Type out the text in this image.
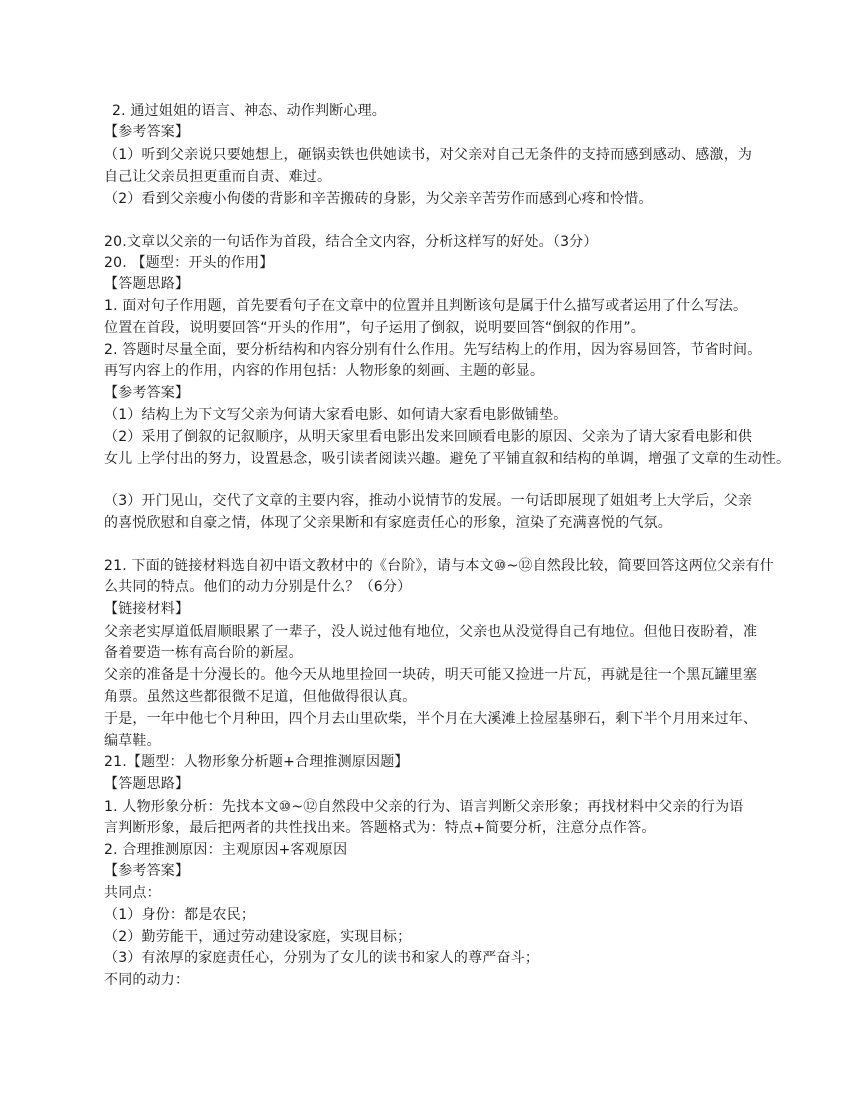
2. 通过姐姐的语言、神态、动作判断心理。
【参考答案】
（1）听到父亲说只要她想上，砸锅卖铁也供她读书，对父亲对自己无条件的支持而感到感动、感激，为
自己让父亲员担更重而自责、难过。
（2）看到父亲瘦小佝偻的背影和辛苦搬砖的身影，为父亲辛苦劳作而感到心疼和怜惜。
20.文章以父亲的一句话作为首段，结合全文内容，分析这样写的好处。（3分）
20. 【题型：开头的作用】
【答题思路】
1. 面对句子作用题，首先要看句子在文章中的位置并且判断该句是属于什么描写或者运用了什么写法。
位置在首段，说明要回答“开头的作用”，句子运用了倒叙，说明要回答“倒叙的作用”。
2. 答题时尽量全面，要分析结构和内容分别有什么作用。先写结构上的作用，因为容易回答，节省时间。
再写内容上的作用，内容的作用包括：人物形象的刻画、主题的彰显。
【参考答案】
（1）结构上为下文写父亲为何请大家看电影、如何请大家看电影做铺垫。
（2）采用了倒叙的记叙顺序，从明天家里看电影出发来回顾看电影的原因、父亲为了请大家看电影和供
女儿 上学付出的努力，设置悬念，吸引读者阅读兴趣。避免了平铺直叙和结构的单调，增强了文章的生动性。
（3）开门见山，交代了文章的主要内容，推动小说情节的发展。一句话即展现了姐姐考上大学后，父亲
的喜悦欣慰和自豪之情，体现了父亲果断和有家庭责任心的形象，渲染了充满喜悦的气氛。
21. 下面的链接材料选自初中语文教材中的《台阶》，请与本文⑩~⑫自然段比较，简要回答这两位父亲有什
么共同的特点。他们的动力分别是什么？（6分）
【链接材料】
父亲老实厚道低眉顺眼累了一辈子，没人说过他有地位，父亲也从没觉得自己有地位。但他日夜盼着，准
备着要造一栋有高台阶的新屋。
父亲的准备是十分漫长的。他今天从地里捡回一块砖，明天可能又捡进一片瓦，再就是往一个黑瓦罐里塞
角票。虽然这些都很微不足道，但他做得很认真。
于是，一年中他七个月种田，四个月去山里砍柴，半个月在大溪滩上捡屋基卵石，剩下半个月用来过年、
编草鞋。
21.【题型：人物形象分析题+合理推测原因题】
【答题思路】
1. 人物形象分析：先找本文⑩~⑫自然段中父亲的行为、语言判断父亲形象；再找材料中父亲的行为语
言判断形象，最后把两者的共性找出来。答题格式为：特点+简要分析，注意分点作答。
2. 合理推测原因：主观原因+客观原因
【参考答案】
共同点：
（1）身份：都是农民；
（2）勤劳能干，通过劳动建设家庭，实现目标；
（3）有浓厚的家庭责任心，分别为了女儿的读书和家人的尊严奋斗；
不同的动力：
